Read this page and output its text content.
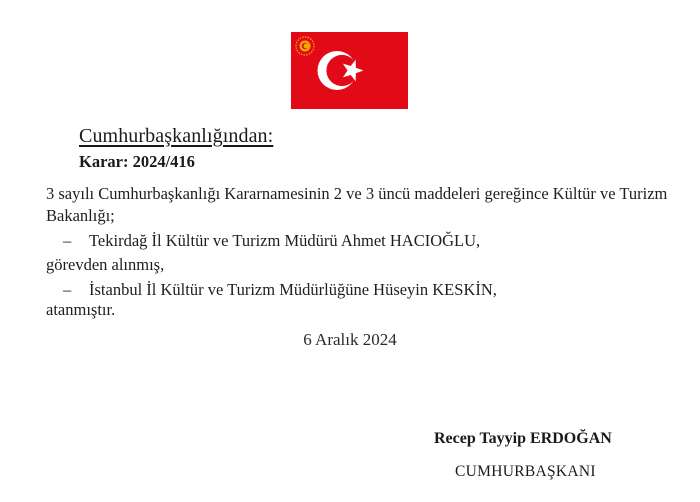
Cumhurbaşkanlığından:

Karar: 2024/416

3 sayılı Cumhurbaşkanlığı Kararnamesinin 2 ve 3 üncü maddeleri gereğince Kültür ve Turizm

Bakanlığı;

– Tekirdağ İl Kültür ve Turizm Müdürü Ahmet HACIOĞLU,

görevden alınmış,

– İstanbul İl Kültür ve Turizm Müdürlüğüne Hüseyin KESKİN,

atanmıştır.

6 Aralık 2024

Recep Tayyip ERDOĞAN

CUMHURBAŞKANI
